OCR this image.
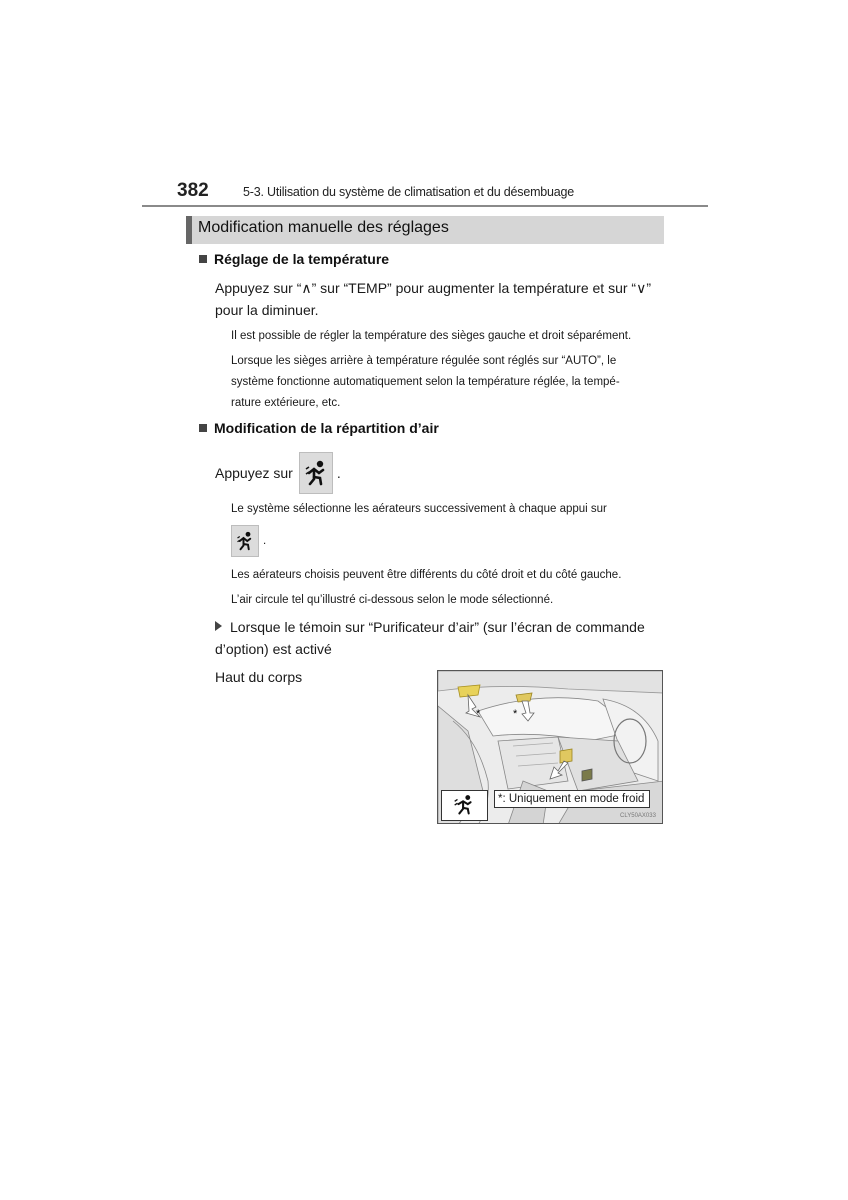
382	5-3. Utilisation du système de climatisation et du désembuage
Modification manuelle des réglages
Réglage de la température
Appuyez sur “∧” sur “TEMP” pour augmenter la température et sur “∨”
pour la diminuer.
Il est possible de régler la température des sièges gauche et droit séparément.
Lorsque les sièges arrière à température régulée sont réglés sur “AUTO”, le
système fonctionne automatiquement selon la température réglée, la tempé-
rature extérieure, etc.
Modification de la répartition d’air
Appuyez sur	.
Le système sélectionne les aérateurs successivement à chaque appui sur
.
Les aérateurs choisis peuvent être différents du côté droit et du côté gauche.
L’air circule tel qu’illustré ci-dessous selon le mode sélectionné.
Lorsque le témoin sur “Purificateur d’air” (sur l’écran de commande
d’option) est activé
Haut du corps
*	*
*: Uniquement en mode froid
CLY50AX033
